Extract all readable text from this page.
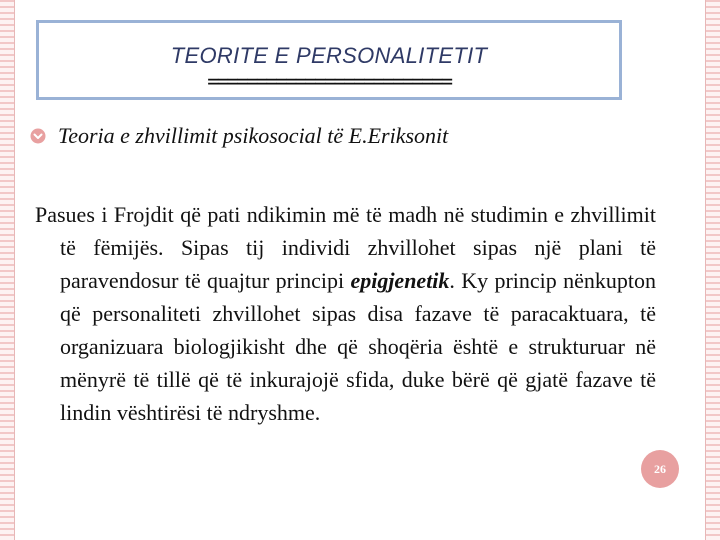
TEORITE E PERSONALITETIT
=========================
Teoria e zhvillimit psikosocial të E.Eriksonit
Pasues i Frojdit që pati ndikimin më të madh në studimin e zhvillimit të fëmijës. Sipas tij individi zhvillohet sipas një plani të paravendosur të quajtur principi epigjenetik. Ky princip nënkupton që personaliteti zhvillohet sipas disa fazave të paracaktuara, të organizuara biologjikisht dhe që shoqëria është e strukturuar në mënyrë të tillë që të inkurajojë sfida, duke bërë që gjatë fazave të lindin vështirësi të ndryshme.
26
